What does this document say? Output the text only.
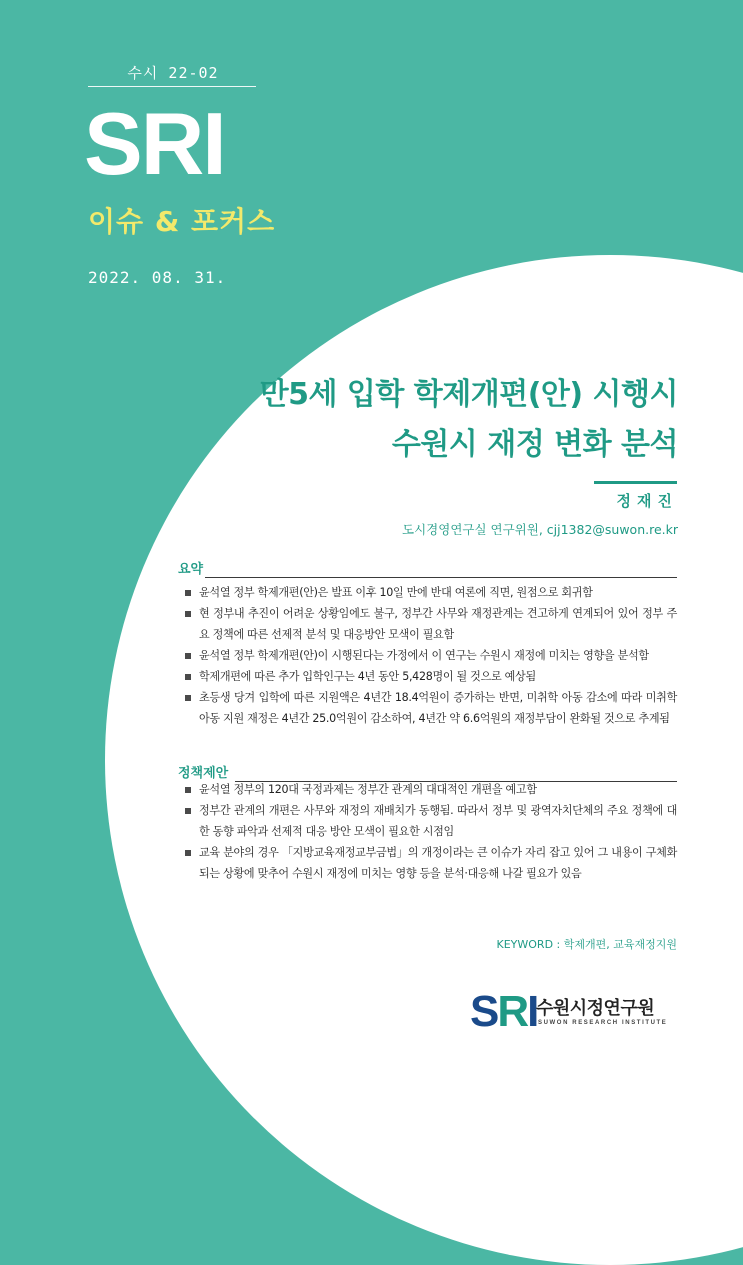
수시 22-02
SRI
이슈 & 포커스
2022. 08. 31.
만5세 입학 학제개편(안) 시행시
수원시 재정 변화 분석
정재진
도시경영연구실 연구위원, cjj1382@suwon.re.kr
요약
윤석열 정부 학제개편(안)은 발표 이후 10일 만에 반대 여론에 직면, 원점으로 회귀함
현 정부내 추진이 어려운 상황임에도 불구, 정부간 사무와 재정관계는 견고하게 연계되어 있어 정부 주요 정책에 따른 선제적 분석 및 대응방안 모색이 필요함
윤석열 정부 학제개편(안)이 시행된다는 가정에서 이 연구는 수원시 재정에 미치는 영향을 분석함
학제개편에 따른 추가 입학인구는 4년 동안 5,428명이 될 것으로 예상됨
초등생 당겨 입학에 따른 지원액은 4년간 18.4억원이 증가하는 반면, 미취학 아동 감소에 따라 미취학 아동 지원 재정은 4년간 25.0억원이 감소하여, 4년간 약 6.6억원의 재정부담이 완화될 것으로 추계됨
정책제안
윤석열 정부의 120대 국정과제는 정부간 관계의 대대적인 개편을 예고함
정부간 관계의 개편은 사무와 재정의 재배치가 동행됨. 따라서 정부 및 광역자치단체의 주요 정책에 대한 동향 파악과 선제적 대응 방안 모색이 필요한 시점임
교육 분야의 경우 「지방교육재정교부금법」의 개정이라는 큰 이슈가 자리 잡고 있어 그 내용이 구체화 되는 상황에 맞추어 수원시 재정에 미치는 영향 등을 분석·대응해 나갈 필요가 있음
KEYWORD : 학제개편, 교육재정지원
SRI
수원시정연구원
SUWON RESEARCH INSTITUTE
